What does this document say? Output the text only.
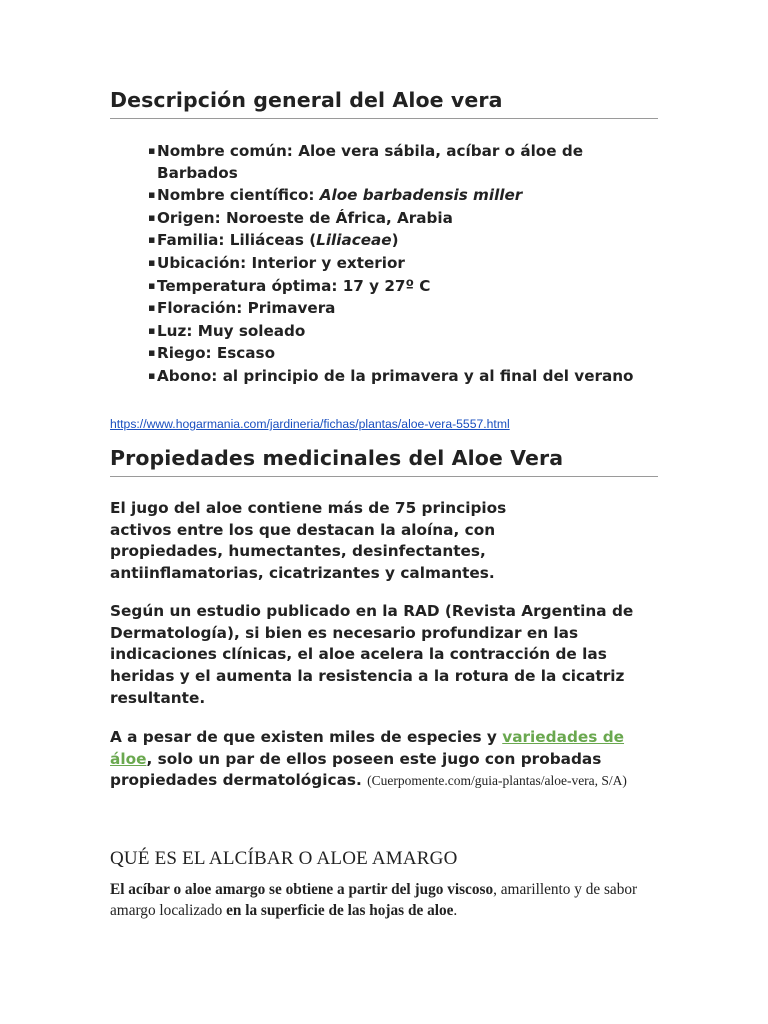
Descripción general del Aloe vera
▪ Nombre común: Aloe vera sábila, acíbar o áloe de Barbados
▪ Nombre científico: Aloe barbadensis miller
▪ Origen: Noroeste de África, Arabia
▪ Familia: Liliáceas (Liliaceae)
▪ Ubicación: Interior y exterior
▪ Temperatura óptima: 17 y 27º C
▪ Floración: Primavera
▪ Luz: Muy soleado
▪ Riego: Escaso
▪ Abono: al principio de la primavera y al final del verano
https://www.hogarmania.com/jardineria/fichas/plantas/aloe-vera-5557.html
Propiedades medicinales del Aloe Vera

El jugo del aloe contiene más de 75 principios activos entre los que destacan la aloína, con propiedades, humectantes, desinfectantes, antiinflamatorias, cicatrizantes y calmantes.

Según un estudio publicado en la RAD (Revista Argentina de Dermatología), si bien es necesario profundizar en las indicaciones clínicas, el aloe acelera la contracción de las heridas y el aumenta la resistencia a la rotura de la cicatriz resultante.

A a pesar de que existen miles de especies y variedades de áloe, solo un par de ellos poseen este jugo con probadas propiedades dermatológicas. (Cuerpomente.com/guia-plantas/aloe-vera, S/A)

QUÉ ES EL ALCÍBAR O ALOE AMARGO

El acíbar o aloe amargo se obtiene a partir del jugo viscoso, amarillento y de sabor amargo localizado en la superficie de las hojas de aloe.
